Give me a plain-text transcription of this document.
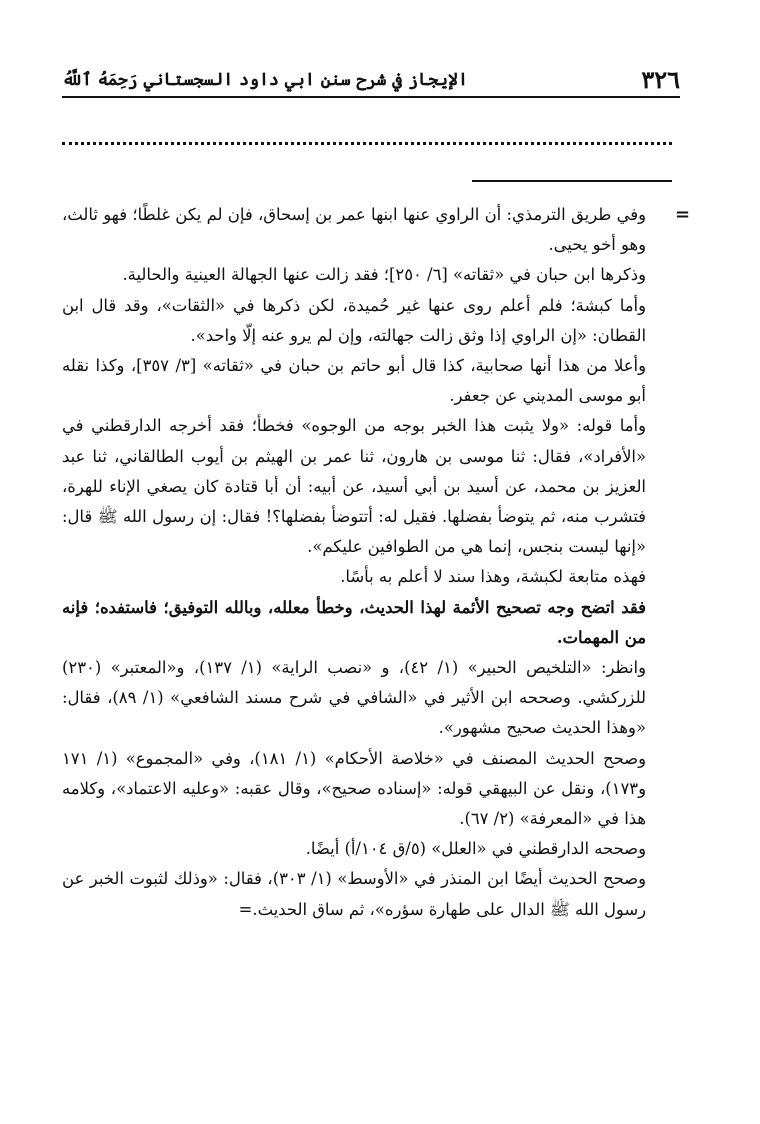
٣٢٦
الإيجاز في شرح سنن ابي داود السجستاني رَحِمَهُ ٱللَّهُ
=

وفي طريق الترمذي: أن الراوي عنها ابنها عمر بن إسحاق، فإن لم يكن غلطًا؛ فهو ثالث، وهو أخو يحيى.

وذكرها ابن حبان في «ثقاته» [٦/ ٢٥٠]؛ فقد زالت عنها الجهالة العينية والحالية.

وأما كبشة؛ فلم أعلم روى عنها غير حُميدة، لكن ذكرها في «الثقات»، وقد قال ابن القطان: «إن الراوي إذا وثق زالت جهالته، وإن لم يرو عنه إلّا واحد».

وأعلا من هذا أنها صحابية، كذا قال أبو حاتم بن حبان في «ثقاته» [٣/ ٣٥٧]، وكذا نقله أبو موسى المديني عن جعفر.

وأما قوله: «ولا يثبت هذا الخبر بوجه من الوجوه» فخطأ؛ فقد أخرجه الدارقطني في «الأفراد»، فقال: ثنا موسى بن هارون، ثنا عمر بن الهيثم بن أيوب الطالقاني، ثنا عبد العزيز بن محمد، عن أسيد بن أبي أسيد، عن أبيه: أن أبا قتادة كان يصغي الإناء للهرة، فتشرب منه، ثم يتوضأ بفضلها. فقيل له: أتتوضأ بفضلها؟! فقال: إن رسول الله ﷺ قال: «إنها ليست بنجس، إنما هي من الطوافين عليكم».

فهذه متابعة لكبشة، وهذا سند لا أعلم به بأسًا.

فقد اتضح وجه تصحيح الأئمة لهذا الحديث، وخطأ معلله، وبالله التوفيق؛ فاستفده؛ فإنه من المهمات.

وانظر: «التلخيص الحبير» (١/ ٤٢)، و «نصب الراية» (١/ ١٣٧)، و«المعتبر» (٢٣٠) للزركشي. وصححه ابن الأثير في «الشافي في شرح مسند الشافعي» (١/ ٨٩)، فقال: «وهذا الحديث صحيح مشهور».

وصحح الحديث المصنف في «خلاصة الأحكام» (١/ ١٨١)، وفي «المجموع» (١/ ١٧١ و١٧٣)، ونقل عن البيهقي قوله: «إسناده صحيح»، وقال عقبه: «وعليه الاعتماد»، وكلامه هذا في «المعرفة» (٢/ ٦٧).

وصححه الدارقطني في «العلل» (٥/ق ١٠٤/أ) أيضًا.

وصحح الحديث أيضًا ابن المنذر في «الأوسط» (١/ ٣٠٣)، فقال: «وذلك لثبوت الخبر عن رسول الله ﷺ الدال على طهارة سؤره»، ثم ساق الحديث.=
